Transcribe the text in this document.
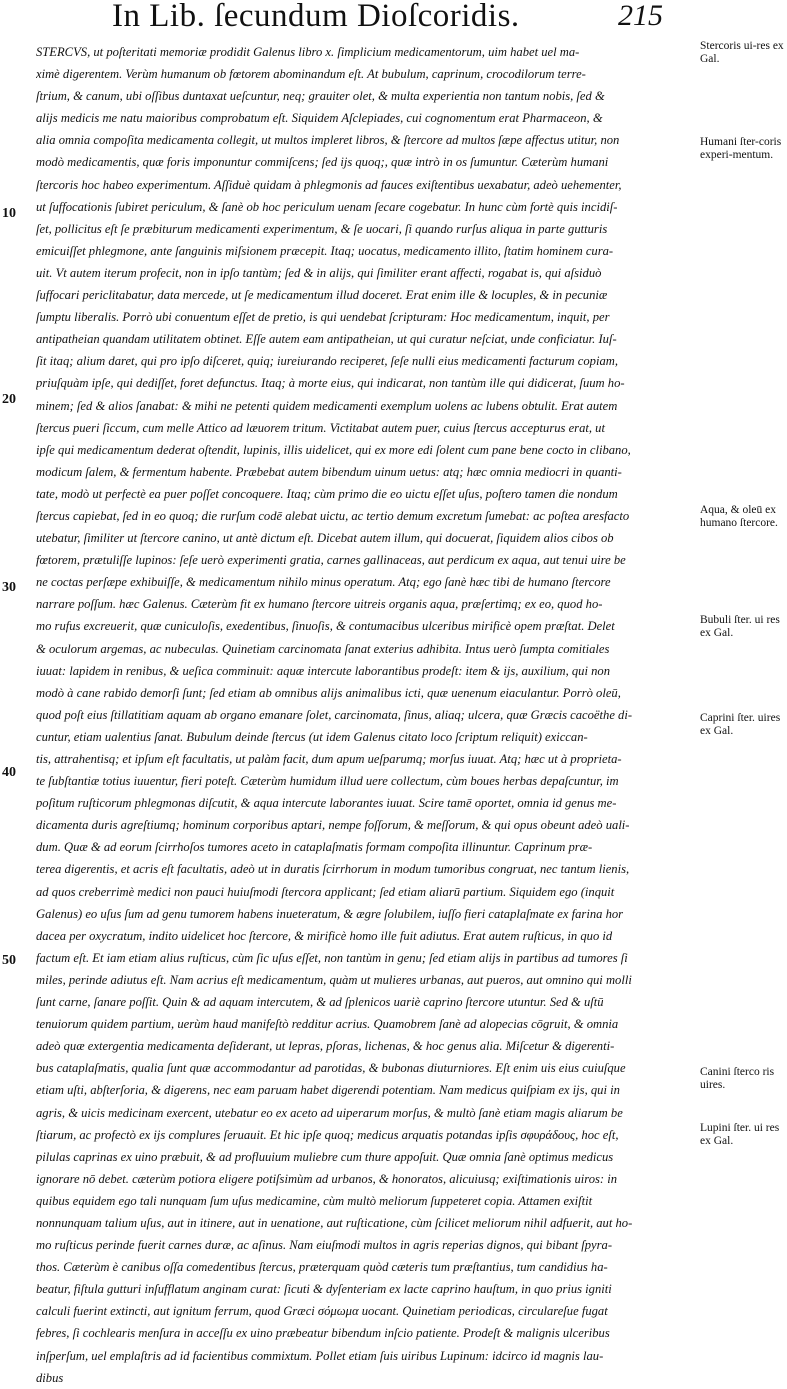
In Lib. ſecundum Dioſcoridis.	215
10
20
30
40
50
STERCVS, ut poſteritati memoriæ prodidit Galenus libro x. ſimplicium medicamentorum, uim habet uel ma-
ximè digerentem. Verùm humanum ob fœtorem abominandum eſt. At bubulum, caprinum, crocodilorum terre-
ſtrium, & canum, ubi oſſibus duntaxat ueſcuntur, neq; grauiter olet, & multa experientia non tantum nobis, ſed &
alijs medicis me natu maioribus comprobatum eſt. Siquidem Aſclepiades, cui cognomentum erat Pharmaceon, &
alia omnia compoſita medicamenta collegit, ut multos impleret libros, & ſtercore ad multos ſæpe affectus utitur, non
modò medicamentis, quæ foris imponuntur commiſcens; ſed ijs quoq;, quæ intrò in os ſumuntur. Cæterùm humani
ſtercoris hoc habeo experimentum. Aſſiduè quidam à phlegmonis ad fauces exiſtentibus uexabatur, adeò uehementer,
ut ſuffocationis ſubiret periculum, & ſanè ob hoc periculum uenam ſecare cogebatur. In hunc cùm fortè quis incidiſ-
ſet, pollicitus eſt ſe præbiturum medicamenti experimentum, & ſe uocari, ſi quando rurſus aliqua in parte gutturis
emicuiſſet phlegmone, ante ſanguinis miſsionem præcepit. Itaq; uocatus, medicamento illito, ſtatim hominem cura-
uit. Vt autem iterum profecit, non in ipſo tantùm; ſed & in alijs, qui ſimiliter erant affecti, rogabat is, qui aſsiduò
ſuffocari periclitabatur, data mercede, ut ſe medicamentum illud doceret. Erat enim ille & locuples, & in pecuniæ
ſumptu liberalis. Porrò ubi conuentum eſſet de pretio, is qui uendebat ſcripturam: Hoc medicamentum, inquit, per
antipatheian quandam utilitatem obtinet. Eſſe autem eam antipatheian, ut qui curatur neſciat, unde conficiatur. Iuſ-
ſit itaq; alium daret, qui pro ipſo diſceret, quiq; iureiurando reciperet, ſeſe nulli eius medicamenti facturum copiam,
priuſquàm ipſe, qui dediſſet, foret defunctus. Itaq; à morte eius, qui indicarat, non tantùm ille qui didicerat, ſuum ho-
minem; ſed & alios ſanabat: & mihi ne petenti quidem medicamenti exemplum uolens ac lubens obtulit. Erat autem
ſtercus pueri ſiccum, cum melle Attico ad læuorem tritum. Victitabat autem puer, cuius ſtercus accepturus erat, ut
ipſe qui medicamentum dederat oſtendit, lupinis, illis uidelicet, qui ex more edi ſolent cum pane bene cocto in clibano,
modicum ſalem, & fermentum habente. Præbebat autem bibendum uinum uetus: atq; hæc omnia mediocri in quanti-
tate, modò ut perfectè ea puer poſſet concoquere. Itaq; cùm primo die eo uictu eſſet uſus, poſtero tamen die nondum
ſtercus capiebat, ſed in eo quoq; die rurſum codē alebat uictu, ac tertio demum excretum ſumebat: ac poſtea aresfacto
utebatur, ſimiliter ut ſtercore canino, ut antè dictum eſt. Dicebat autem illum, qui docuerat, ſiquidem alios cibos ob
fœtorem, prætuliſſe lupinos: ſeſe uerò experimenti gratia, carnes gallinaceas, aut perdicum ex aqua, aut tenui uire be
ne coctas perſæpe exhibuiſſe, & medicamentum nihilo minus operatum. Atq; ego ſanè hæc tibi de humano ſtercore
narrare poſſum. hæc Galenus. Cæterùm fit ex humano ſtercore uitreis organis aqua, præſertimq; ex eo, quod ho-
mo rufus excreuerit, quæ cuniculoſis, exedentibus, ſinuoſis, & contumacibus ulceribus mirificè opem præſtat. Delet
& oculorum argemas, ac nubeculas. Quinetiam carcinomata ſanat exterius adhibita. Intus uerò ſumpta comitiales
iuuat: lapidem in renibus, & ueſica comminuit: aquæ intercute laborantibus prodeſt: item & ijs, auxilium, qui non
modò à cane rabido demorſi ſunt; ſed etiam ab omnibus alijs animalibus icti, quæ uenenum eiaculantur. Porrò oleū,
quod poſt eius ſtillatitiam aquam ab organo emanare ſolet, carcinomata, ſinus, aliaq; ulcera, quæ Græcis cacoëthe di-
cuntur, etiam ualentius ſanat. Bubulum deinde ſtercus (ut idem Galenus citato loco ſcriptum reliquit) exiccan-
tis, attrahentisq; et ipſum eſt facultatis, ut palàm facit, dum apum ueſparumq; morſus iuuat. Atq; hæc ut à proprieta-
te ſubſtantiæ totius iuuentur, fieri poteſt. Cæterùm humidum illud uere collectum, cùm boues herbas depaſcuntur, im
poſitum ruſticorum phlegmonas diſcutit, & aqua intercute laborantes iuuat. Scire tamē oportet, omnia id genus me-
dicamenta duris agreſtiumq; hominum corporibus aptari, nempe foſſorum, & meſſorum, & qui opus obeunt adeò uali-
dum. Quæ & ad eorum ſcirrhoſos tumores aceto in cataplaſmatis formam compoſita illinuntur. Caprinum præ-
terea digerentis, et acris eſt facultatis, adeò ut in duratis ſcirrhorum in modum tumoribus congruat, nec tantum lienis,
ad quos creberrimè medici non pauci huiuſmodi ſtercora applicant; ſed etiam aliarū partium. Siquidem ego (inquit
Galenus) eo uſus ſum ad genu tumorem habens inueteratum, & ægre ſolubilem, iuſſo fieri cataplaſmate ex farina hor
dacea per oxycratum, indito uidelicet hoc ſtercore, & mirificè homo ille fuit adiutus. Erat autem ruſticus, in quo id
factum eſt. Et iam etiam alius ruſticus, cùm ſic uſus eſſet, non tantùm in genu; ſed etiam alijs in partibus ad tumores ſi
miles, perinde adiutus eſt. Nam acrius eſt medicamentum, quàm ut mulieres urbanas, aut pueros, aut omnino qui molli
ſunt carne, ſanare poſſit. Quin & ad aquam intercutem, & ad ſplenicos uariè caprino ſtercore utuntur. Sed & uſtū
tenuiorum quidem partium, uerùm haud manifeſtò redditur acrius. Quamobrem ſanè ad alopecias cōgruit, & omnia
adeò quæ extergentia medicamenta deſiderant, ut lepras, pſoras, lichenas, & hoc genus alia. Miſcetur & digerenti-
bus cataplaſmatis, qualia ſunt quæ accommodantur ad parotidas, & bubonas diuturniores. Eſt enim uis eius cuiuſque
etiam uſti, abſterſoria, & digerens, nec eam paruam habet digerendi potentiam. Nam medicus quiſpiam ex ijs, qui in
agris, & uicis medicinam exercent, utebatur eo ex aceto ad uiperarum morſus, & multò ſanè etiam magis aliarum be
ſtiarum, ac profectò ex ijs complures ſeruauit. Et hic ipſe quoq; medicus arquatis potandas ipſis σφυράδους, hoc eſt,
pilulas caprinas ex uino præbuit, & ad profluuium muliebre cum thure appoſuit. Quæ omnia ſanè optimus medicus
ignorare nō debet. cæterùm potiora eligere potiſsimùm ad urbanos, & honoratos, alicuiusq; exiſtimationis uiros: in
quibus equidem ego tali nunquam ſum uſus medicamine, cùm multò meliorum ſuppeteret copia. Attamen exiſtit
nonnunquam talium uſus, aut in itinere, aut in uenatione, aut ruſticatione, cùm ſcilicet meliorum nihil adfuerit, aut ho-
mo ruſticus perinde fuerit carnes duræ, ac aſinus. Nam eiuſmodi multos in agris reperias dignos, qui bibant ſpyra-
thos. Cæterùm è canibus oſſa comedentibus ſtercus, præterquam quòd cæteris tum præſtantius, tum candidius ha-
beatur, fiſtula gutturi inſufflatum anginam curat: ſicuti & dyſenteriam ex lacte caprino hauſtum, in quo prius igniti
calculi fuerint extincti, aut ignitum ferrum, quod Græci σόμωμα uocant. Quinetiam periodicas, circulareſue fugat
febres, ſi cochlearis menſura in acceſſu ex uino præbeatur bibendum inſcio patiente. Prodeſt & malignis ulceribus
inſperſum, uel emplaſtris ad id facientibus commixtum. Pollet etiam ſuis uiribus Lupinum: idcirco id magnis lau-
dibus
Stercoris ui-res ex Gal.
Humani ſter-coris experi-mentum.
Aqua, & oleū ex humano ſtercore.
Bubuli ſter. ui res ex Gal.
Caprini ſter. uires ex Gal.
Canini ſterco ris uires.
Lupini ſter. ui res ex Gal.
